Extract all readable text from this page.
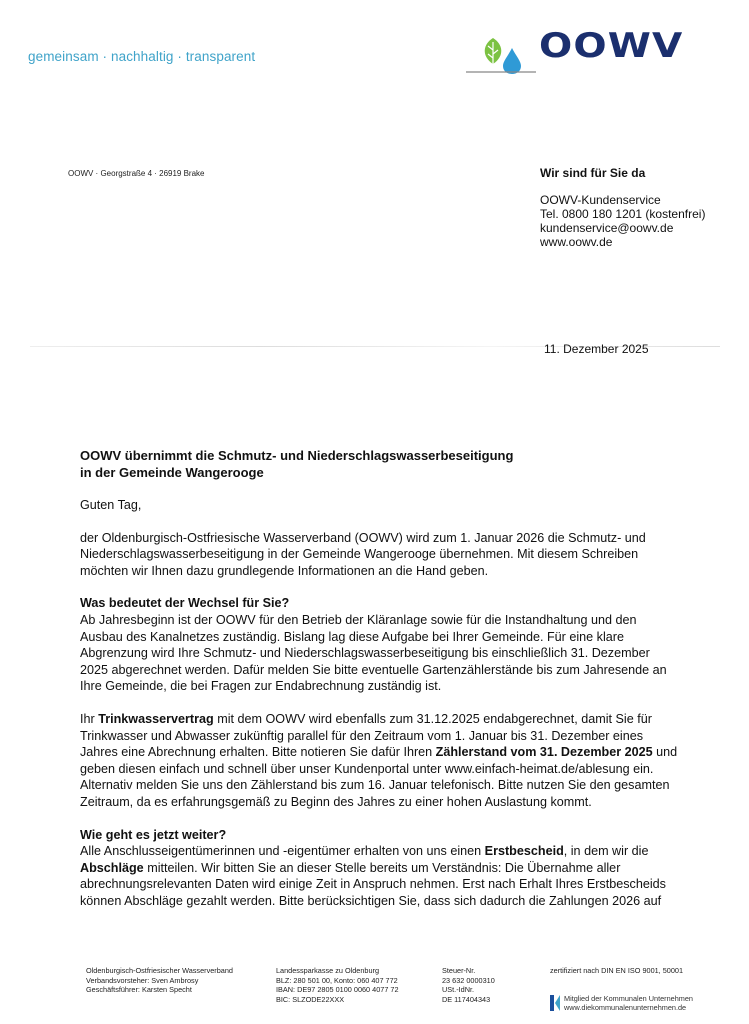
gemeinsam · nachhaltig · transparent	OOWV
OOWV · Georgstraße 4 · 26919 Brake	Wir sind für Sie da
OOWV-Kundenservice
Tel. 0800 180 1201 (kostenfrei)
kundenservice@oowv.de
www.oowv.de
11. Dezember 2025
OOWV übernimmt die Schmutz- und Niederschlagswasserbeseitigung
in der Gemeinde Wangerooge
Guten Tag,
der Oldenburgisch-Ostfriesische Wasserverband (OOWV) wird zum 1. Januar 2026 die Schmutz- und
Niederschlagswasserbeseitigung in der Gemeinde Wangerooge übernehmen. Mit diesem Schreiben
möchten wir Ihnen dazu grundlegende Informationen an die Hand geben.
Was bedeutet der Wechsel für Sie?
Ab Jahresbeginn ist der OOWV für den Betrieb der Kläranlage sowie für die Instandhaltung und den
Ausbau des Kanalnetzes zuständig. Bislang lag diese Aufgabe bei Ihrer Gemeinde. Für eine klare
Abgrenzung wird Ihre Schmutz- und Niederschlagswasserbeseitigung bis einschließlich 31. Dezember
2025 abgerechnet werden. Dafür melden Sie bitte eventuelle Gartenzählerstände bis zum Jahresende an
Ihre Gemeinde, die bei Fragen zur Endabrechnung zuständig ist.
Ihr Trinkwasservertrag mit dem OOWV wird ebenfalls zum 31.12.2025 endabgerechnet, damit Sie für
Trinkwasser und Abwasser zukünftig parallel für den Zeitraum vom 1. Januar bis 31. Dezember eines
Jahres eine Abrechnung erhalten. Bitte notieren Sie dafür Ihren Zählerstand vom 31. Dezember 2025 und
geben diesen einfach und schnell über unser Kundenportal unter www.einfach-heimat.de/ablesung ein.
Alternativ melden Sie uns den Zählerstand bis zum 16. Januar telefonisch. Bitte nutzen Sie den gesamten
Zeitraum, da es erfahrungsgemäß zu Beginn des Jahres zu einer hohen Auslastung kommt.
Wie geht es jetzt weiter?
Alle Anschlusseigentümerinnen und -eigentümer erhalten von uns einen Erstbescheid, in dem wir die
Abschläge mitteilen. Wir bitten Sie an dieser Stelle bereits um Verständnis: Die Übernahme aller
abrechnungsrelevanten Daten wird einige Zeit in Anspruch nehmen. Erst nach Erhalt Ihres Erstbescheids
können Abschläge gezahlt werden. Bitte berücksichtigen Sie, dass sich dadurch die Zahlungen 2026 auf
Oldenburgisch-Ostfriesischer Wasserverband
Verbandsvorsteher: Sven Ambrosy
Geschäftsführer: Karsten Specht
Landessparkasse zu Oldenburg
BLZ: 280 501 00, Konto: 060 407 772
IBAN: DE97 2805 0100 0060 4077 72
BIC: SLZODE22XXX
Steuer-Nr.
23 632 0000310
USt.-IdNr.
DE 117404343
zertifiziert nach DIN EN ISO 9001, 50001
Mitglied der Kommunalen Unternehmen
www.diekommunalenunternehmen.de
